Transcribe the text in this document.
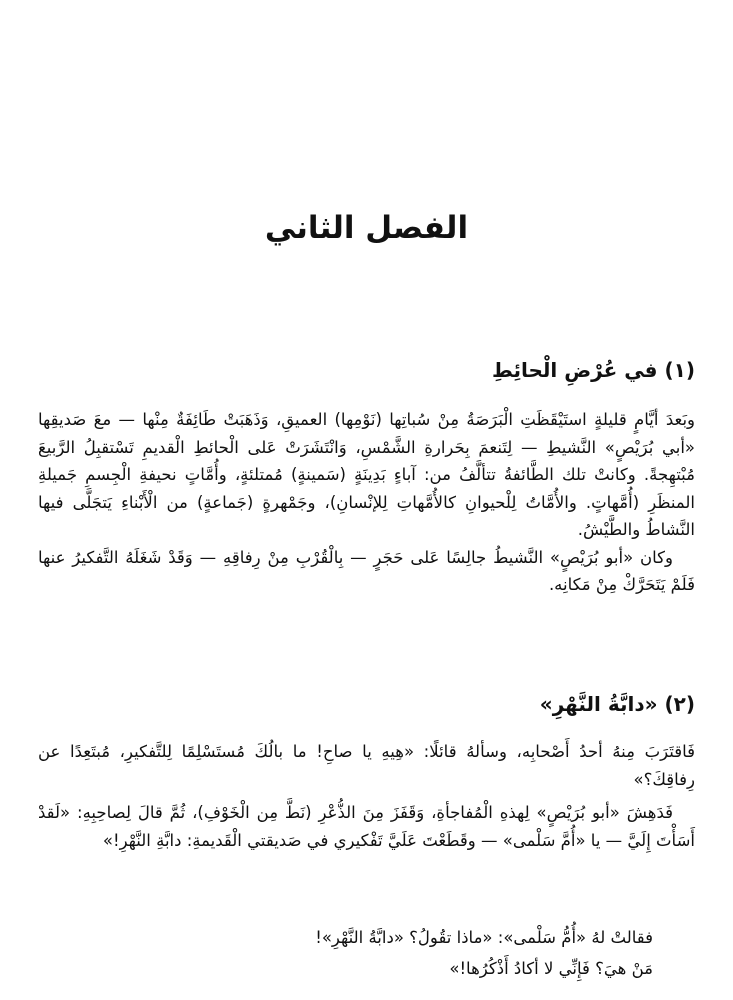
الفصل الثاني
(١) في عُرْضِ الْحائِطِ

وبَعدَ أيَّامٍ قليلةٍ استَيْقَظَتِ الْبَرَصَةُ مِنْ سُباتِها (نَوْمِها) العميقِ، وَذَهَبَتْ طَائِفَةٌ مِنْها — معَ صَديقِها «أبي بُرَيْصٍ» النَّشيطِ — لِتَنعمَ بِحَرارةِ الشَّمْسِ، وَانْتَشَرَتْ عَلى الْحائطِ الْقديمِ تَسْتقبِلُ الرَّبيعَ مُبْتهِجةً. وكانتْ تلك الطَّائفةُ تتألَّفُ من: آباءٍ بَدِينَةٍ (سَمينةٍ) مُمتلئةٍ، وأُمَّاتٍ نحيفةِ الْجِسمِ جَميلةِ المنظَرِ (أُمَّهاتٍ. والأُمَّاتُ لِلْحيوانِ كالأُمَّهاتِ لِلإنْسانِ)، وجَمْهرةٍ (جَماعةٍ) من الْأَبْناءِ يَتجَلَّى فيها النَّشاطُ والطَّيْشُ.

وكان «أبو بُرَيْصٍ» النَّشيطُ جالِسًا عَلى حَجَرٍ — بِالْقُرْبِ مِنْ رِفاقِهِ — وَقَدْ شَغَلَهُ التَّفكيرُ عنها فَلَمْ يَتَحَرَّكْ مِنْ مَكانِه.

(٢) «دابَّةُ النَّهْرِ»

فَاقتَرَبَ مِنهُ أحدُ أَصْحابِه، وسألهُ قائلًا: «هِيهِ يا صاحِ! ما بالُكَ مُستَسْلِمًا لِلتَّفكيرِ، مُبتَعِدًا عن رِفاقِكَ؟»

فَدَهِشَ «أبو بُرَيْصٍ» لِهذهِ الْمُفاجأةِ، وَقَفَزَ مِنَ الذُّعْرِ (نَطَّ مِن الْخَوْفِ)، ثُمَّ قالَ لِصاحِبِهِ: «لَقدْ أَسَأْتَ إِلَيَّ — يا «أُمَّ سَلْمى» — وقَطَعْتَ عَلَيَّ تَفْكيري في صَديقتي الْقَديمةِ: دابَّةِ النَّهْرِ!»

فقالتْ لهُ «أُمُّ سَلْمى»: «ماذا تقُولُ؟ «دابَّةُ النَّهْرِ»!

مَنْ هيَ؟ فَإِنِّي لا أكادُ أَذْكُرُها!»
